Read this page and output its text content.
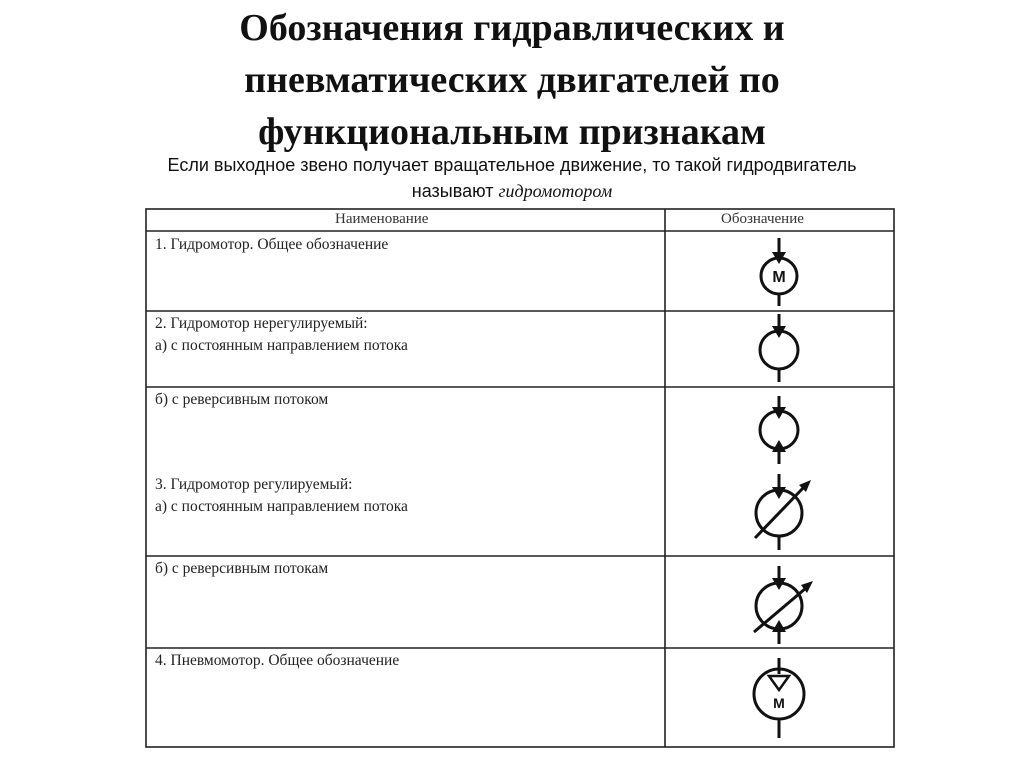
Обозначения гидравлических и
пневматических двигателей по
функциональным признакам
Если выходное звено получает вращательное движение, то такой гидродвигатель
называют гидромотором
М
М
Наименование	Обозначение
1. Гидромотор. Общее обозначение
2. Гидромотор нерегулируемый:
а) с постоянным направлением потока
б) с реверсивным потоком
3. Гидромотор регулируемый:
а) с постоянным направлением потока
б) с реверсивным потокам
4. Пневмомотор. Общее обозначение
